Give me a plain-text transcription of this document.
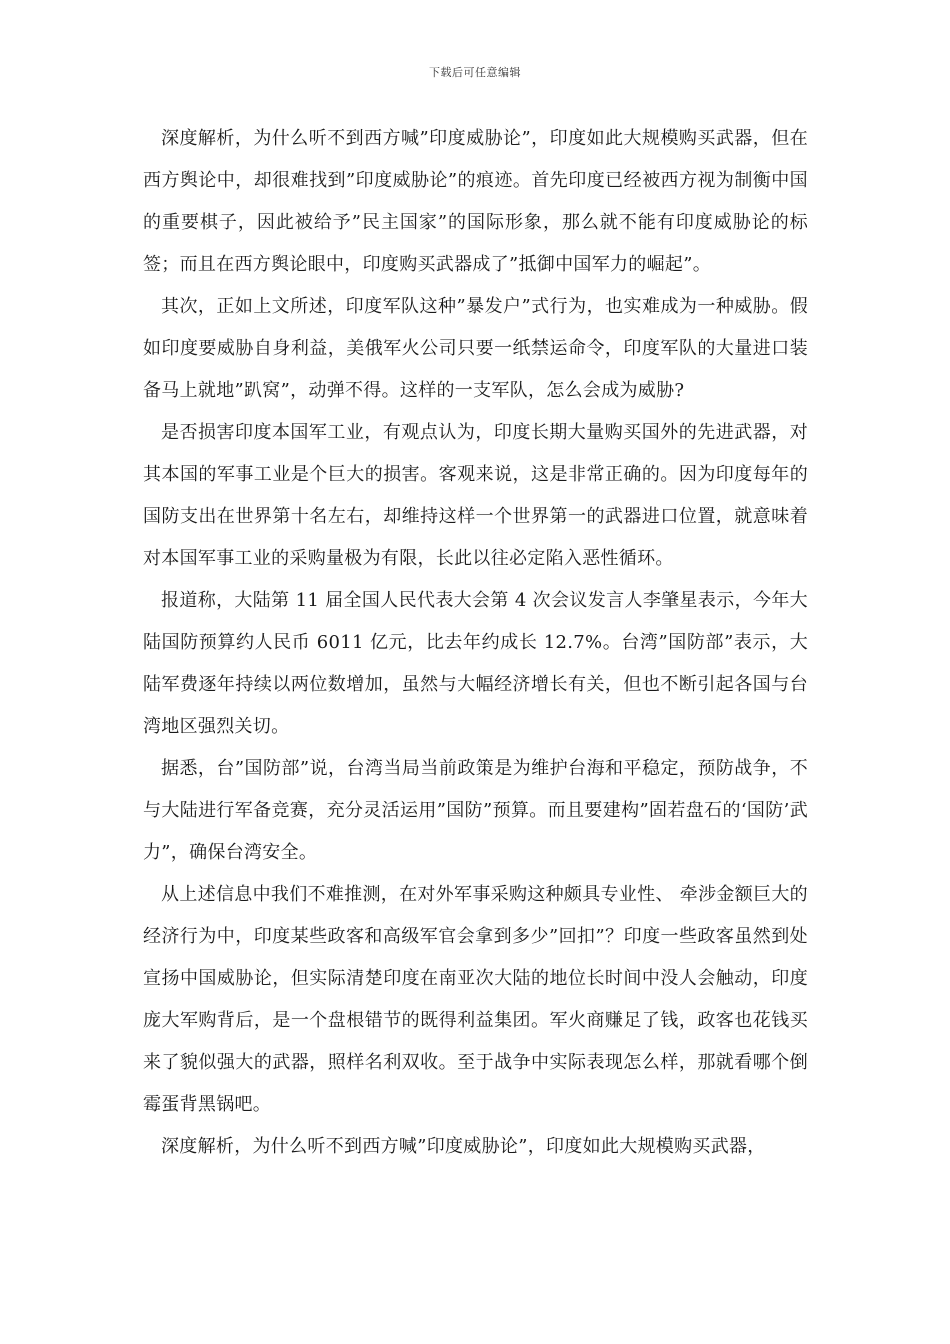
下载后可任意编辑

深度解析，为什么听不到西方喊”印度威胁论”，印度如此大规模购买武器，但在西方舆论中，却很难找到”印度威胁论”的痕迹。首先印度已经被西方视为制衡中国的重要棋子，因此被给予”民主国家”的国际形象，那么就不能有印度威胁论的标签；而且在西方舆论眼中，印度购买武器成了”抵御中国军力的崛起”。

其次，正如上文所述，印度军队这种”暴发户”式行为，也实难成为一种威胁。假如印度要威胁自身利益，美俄军火公司只要一纸禁运命令，印度军队的大量进口装备马上就地”趴窝”，动弹不得。这样的一支军队，怎么会成为威胁?

是否损害印度本国军工业，有观点认为，印度长期大量购买国外的先进武器，对其本国的军事工业是个巨大的损害。客观来说，这是非常正确的。因为印度每年的国防支出在世界第十名左右，却维持这样一个世界第一的武器进口位置，就意味着对本国军事工业的采购量极为有限，长此以往必定陷入恶性循环。

报道称，大陆第 11 届全国人民代表大会第 4 次会议发言人李肇星表示，今年大陆国防预算约人民币 6011 亿元，比去年约成长 12.7%。台湾”国防部”表示，大陆军费逐年持续以两位数增加，虽然与大幅经济增长有关，但也不断引起各国与台湾地区强烈关切。

据悉，台”国防部”说，台湾当局当前政策是为维护台海和平稳定，预防战争，不与大陆进行军备竞赛，充分灵活运用”国防”预算。而且要建构”固若盘石的‘国防’武力”，确保台湾安全。

从上述信息中我们不难推测，在对外军事采购这种颇具专业性、 牵涉金额巨大的经济行为中，印度某些政客和高级军官会拿到多少”回扣”？印度一些政客虽然到处宣扬中国威胁论，但实际清楚印度在南亚次大陆的地位长时间中没人会触动，印度庞大军购背后，是一个盘根错节的既得利益集团。军火商赚足了钱，政客也花钱买来了貌似强大的武器，照样名利双收。至于战争中实际表现怎么样，那就看哪个倒霉蛋背黑锅吧。

深度解析，为什么听不到西方喊”印度威胁论”，印度如此大规模购买武器，
